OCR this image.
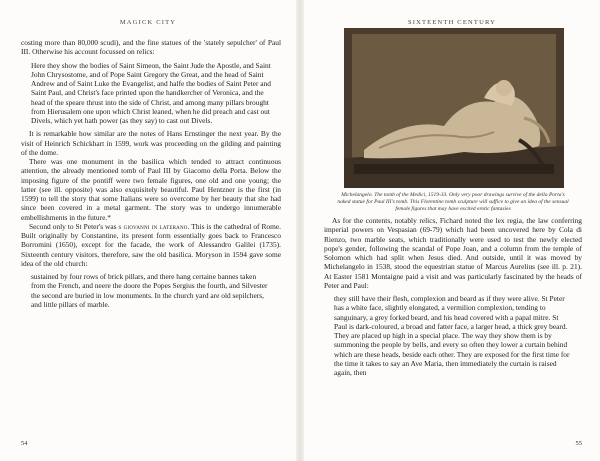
MAGICK CITY

costing more than 80,000 scudi), and the fine statues of the 'stately sepulcher' of Paul III. Otherwise his account focussed on relics:

Here they show the bodies of Saint Simeon, the Saint Jude the Apostle, and Saint John Chrysostome, and of Pope Saint Gregory the Great, and the head of Saint Andrew and of Saint Luke the Evangelist, and halfe the bodies of Saint Peter and Saint Paul, and Christ's face printed upon the handkercher of Veronica, and the head of the speare thrust into the side of Christ, and among many pillars brought from Hierusalem one upon which Christ leaned, when he did preach and cast out Divels, which yet hath power (as they say) to cast out Divels.

It is remarkable how similar are the notes of Hans Ernstinger the next year. By the visit of Heinrich Schickhart in 1599, work was proceeding on the gilding and painting of the dome.

There was one monument in the basilica which tended to attract continuous attention, the already mentioned tomb of Paul III by Giacomo della Porta. Below the imposing figure of the pontiff were two female figures, one old and one young; the latter (see ill. opposite) was also exquisitely beautiful. Paul Hentzner is the first (in 1599) to tell the story that some Italians were so overcome by her beauty that she had since been covered in a metal garment. The story was to undergo innumerable embellishments in the future.*

Second only to St Peter's was s giovanni in laterano. This is the cathedral of Rome. Built originally by Constantine, its present form essentially goes back to Francesco Borromini (1650), except for the facade, the work of Alessandro Galilei (1735). Sixteenth century visitors, therefore, saw the old basilica. Moryson in 1594 gave some idea of the old church:

sustained by four rows of brick pillars, and there hang certaine bannes taken from the French, and neere the doore the Popes Sergius the fourth, and Silvester the second are buried in low monuments. In the church yard are old sepilchers, and little pillars of marble.

54
SIXTEENTH CENTURY
Michelangelo. The tomb of the Medici, 1519-33. Only very poor drawings survive of the della Porta's naked statue for Paul III's tomb. This Florentine tomb sculpture will suffice to give an idea of the sensual female figures that may have excited erotic fantasies

As for the contents, notably relics, Fichard noted the lex regia, the law conferring imperial powers on Vespasian (69-79) which had been uncovered here by Cola di Rienzo, two marble seats, which traditionally were used to test the newly elected pope's gender, following the scandal of Pope Joan, and a column from the temple of Solomon which had split when Jesus died. And outside, until it was moved by Michelangelo in 1538, stood the equestrian statue of Marcus Aurelius (see ill. p. 21). At Easter 1581 Montaigne paid a visit and was particularly fascinated by the heads of Peter and Paul:

they still have their flesh, complexion and beard as if they were alive. St Peter has a white face, slightly elongated, a vermilion complexion, tending to sanguinary, a grey forked beard, and his head covered with a papal mitre. St Paul is dark-coloured, a broad and fatter face, a larger head, a thick grey beard. They are placed up high in a special place. The way they show them is by summoning the people by bells, and every so often they lower a curtain behind which are these heads, beside each other. They are exposed for the first time for the time it takes to say an Ave Maria, then immediately the curtain is raised again, then

55
